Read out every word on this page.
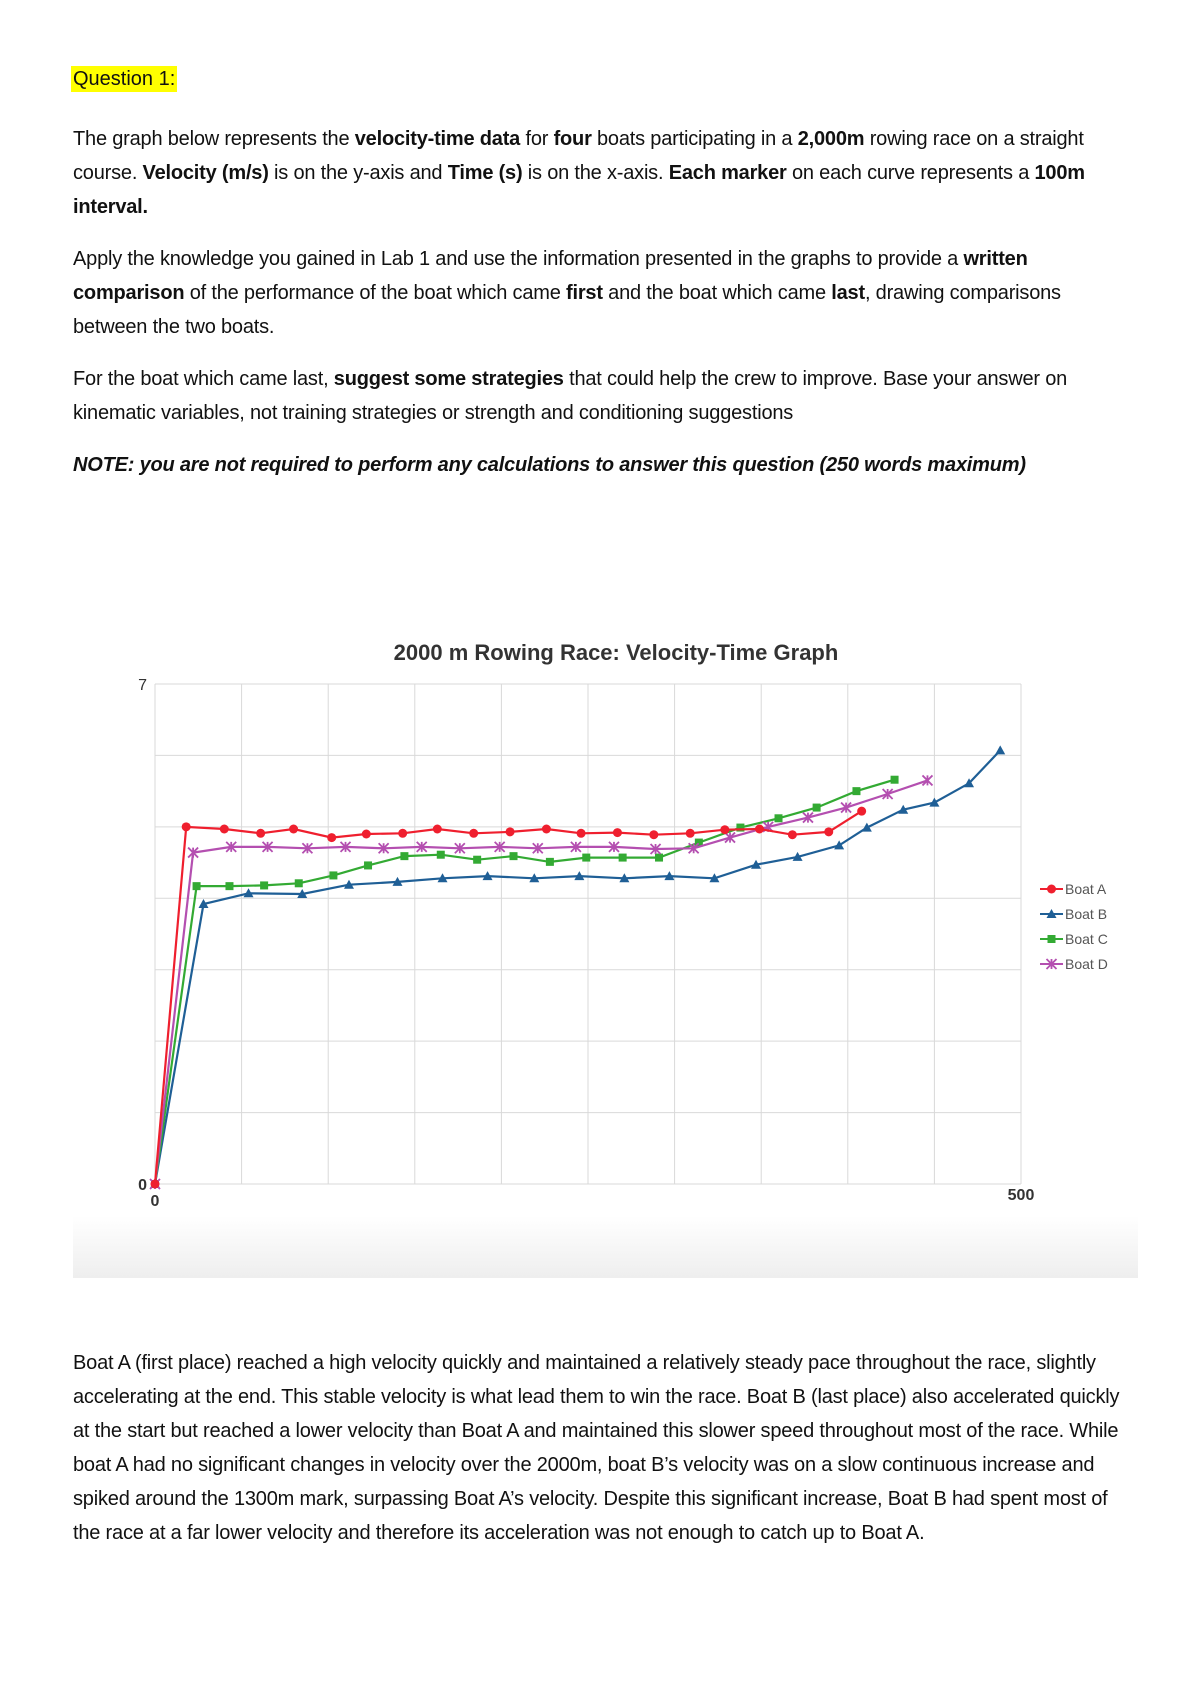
Question 1:

The graph below represents the velocity-time data for four boats participating in a 2,000m rowing race on a straight course. Velocity (m/s) is on the y-axis and Time (s) is on the x-axis. Each marker on each curve represents a 100m interval.

Apply the knowledge you gained in Lab 1 and use the information presented in the graphs to provide a written comparison of the performance of the boat which came first and the boat which came last, drawing comparisons between the two boats.

For the boat which came last, suggest some strategies that could help the crew to improve. Base your answer on kinematic variables, not training strategies or strength and conditioning suggestions

NOTE: you are not required to perform any calculations to answer this question (250 words maximum)

2000 m Rowing Race: Velocity-Time Graph
0
7
0	500
Boat A
Boat B
Boat C
Boat D

Boat A (first place) reached a high velocity quickly and maintained a relatively steady pace throughout the race, slightly accelerating at the end. This stable velocity is what lead them to win the race. Boat B (last place) also accelerated quickly at the start but reached a lower velocity than Boat A and maintained this slower speed throughout most of the race. While boat A had no significant changes in velocity over the 2000m, boat B’s velocity was on a slow continuous increase and spiked around the 1300m mark, surpassing Boat A’s velocity. Despite this significant increase, Boat B had spent most of the race at a far lower velocity and therefore its acceleration was not enough to catch up to Boat A.
